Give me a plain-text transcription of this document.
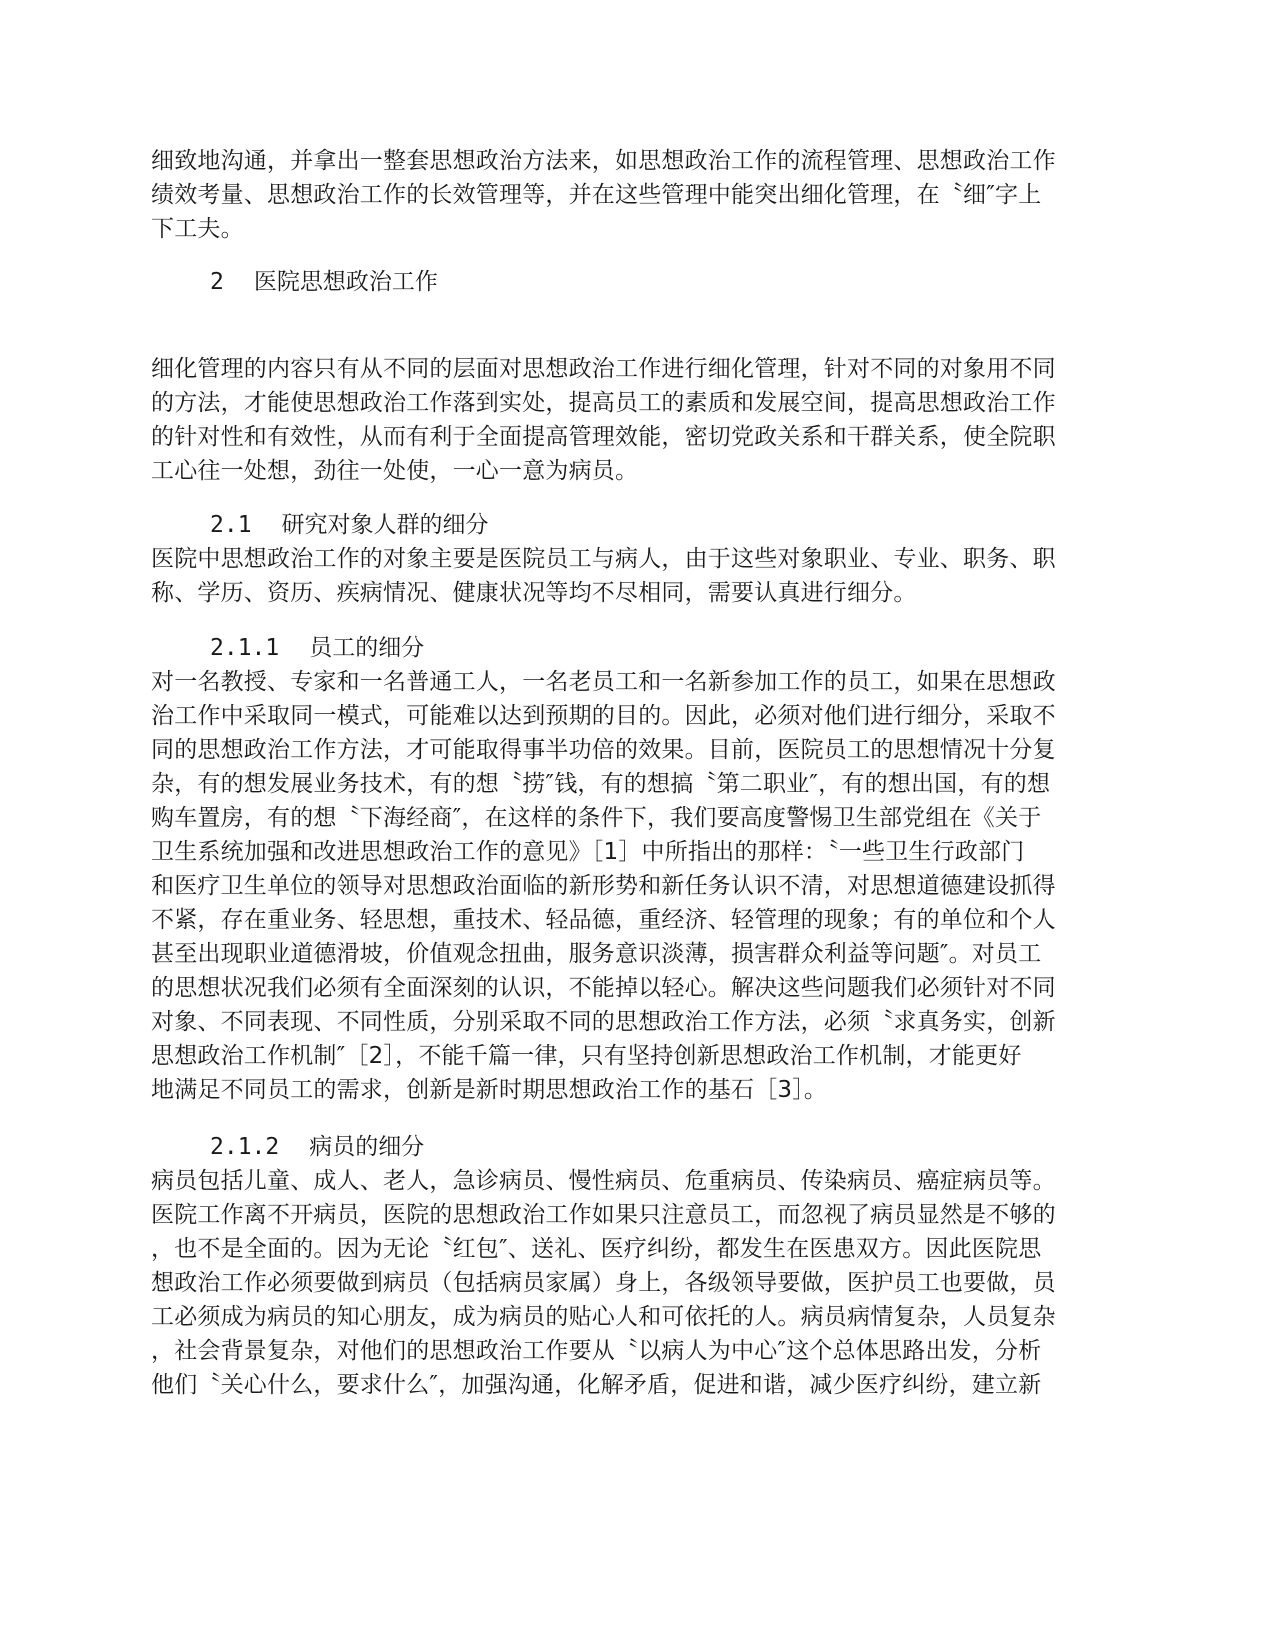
细致地沟通，并拿出一整套思想政治方法来，如思想政治工作的流程管理、思想政治工作
绩效考量、思想政治工作的长效管理等，并在这些管理中能突出细化管理，在〝细″字上
下工夫。
2 医院思想政治工作
细化管理的内容只有从不同的层面对思想政治工作进行细化管理，针对不同的对象用不同
的方法，才能使思想政治工作落到实处，提高员工的素质和发展空间，提高思想政治工作
的针对性和有效性，从而有利于全面提高管理效能，密切党政关系和干群关系，使全院职
工心往一处想，劲往一处使，一心一意为病员。
2.1 研究对象人群的细分
医院中思想政治工作的对象主要是医院员工与病人，由于这些对象职业、专业、职务、职
称、学历、资历、疾病情况、健康状况等均不尽相同，需要认真进行细分。
2.1.1 员工的细分
对一名教授、专家和一名普通工人，一名老员工和一名新参加工作的员工，如果在思想政
治工作中采取同一模式，可能难以达到预期的目的。因此，必须对他们进行细分，采取不
同的思想政治工作方法，才可能取得事半功倍的效果。目前，医院员工的思想情况十分复
杂，有的想发展业务技术，有的想〝捞″钱，有的想搞〝第二职业″，有的想出国，有的想
购车置房，有的想〝下海经商″，在这样的条件下，我们要高度警惕卫生部党组在《关于
卫生系统加强和改进思想政治工作的意见》［1］中所指出的那样：〝一些卫生行政部门
和医疗卫生单位的领导对思想政治面临的新形势和新任务认识不清，对思想道德建设抓得
不紧，存在重业务、轻思想，重技术、轻品德，重经济、轻管理的现象；有的单位和个人
甚至出现职业道德滑坡，价值观念扭曲，服务意识淡薄，损害群众利益等问题″。对员工
的思想状况我们必须有全面深刻的认识，不能掉以轻心。解决这些问题我们必须针对不同
对象、不同表现、不同性质，分别采取不同的思想政治工作方法，必须〝求真务实，创新
思想政治工作机制″［2］，不能千篇一律，只有坚持创新思想政治工作机制，才能更好
地满足不同员工的需求，创新是新时期思想政治工作的基石［3］。
2.1.2 病员的细分
病员包括儿童、成人、老人，急诊病员、慢性病员、危重病员、传染病员、癌症病员等。
医院工作离不开病员，医院的思想政治工作如果只注意员工，而忽视了病员显然是不够的
，也不是全面的。因为无论〝红包″、送礼、医疗纠纷，都发生在医患双方。因此医院思
想政治工作必须要做到病员（包括病员家属）身上，各级领导要做，医护员工也要做，员
工必须成为病员的知心朋友，成为病员的贴心人和可依托的人。病员病情复杂，人员复杂
，社会背景复杂，对他们的思想政治工作要从〝以病人为中心″这个总体思路出发，分析
他们〝关心什么，要求什么″，加强沟通，化解矛盾，促进和谐，减少医疗纠纷，建立新
